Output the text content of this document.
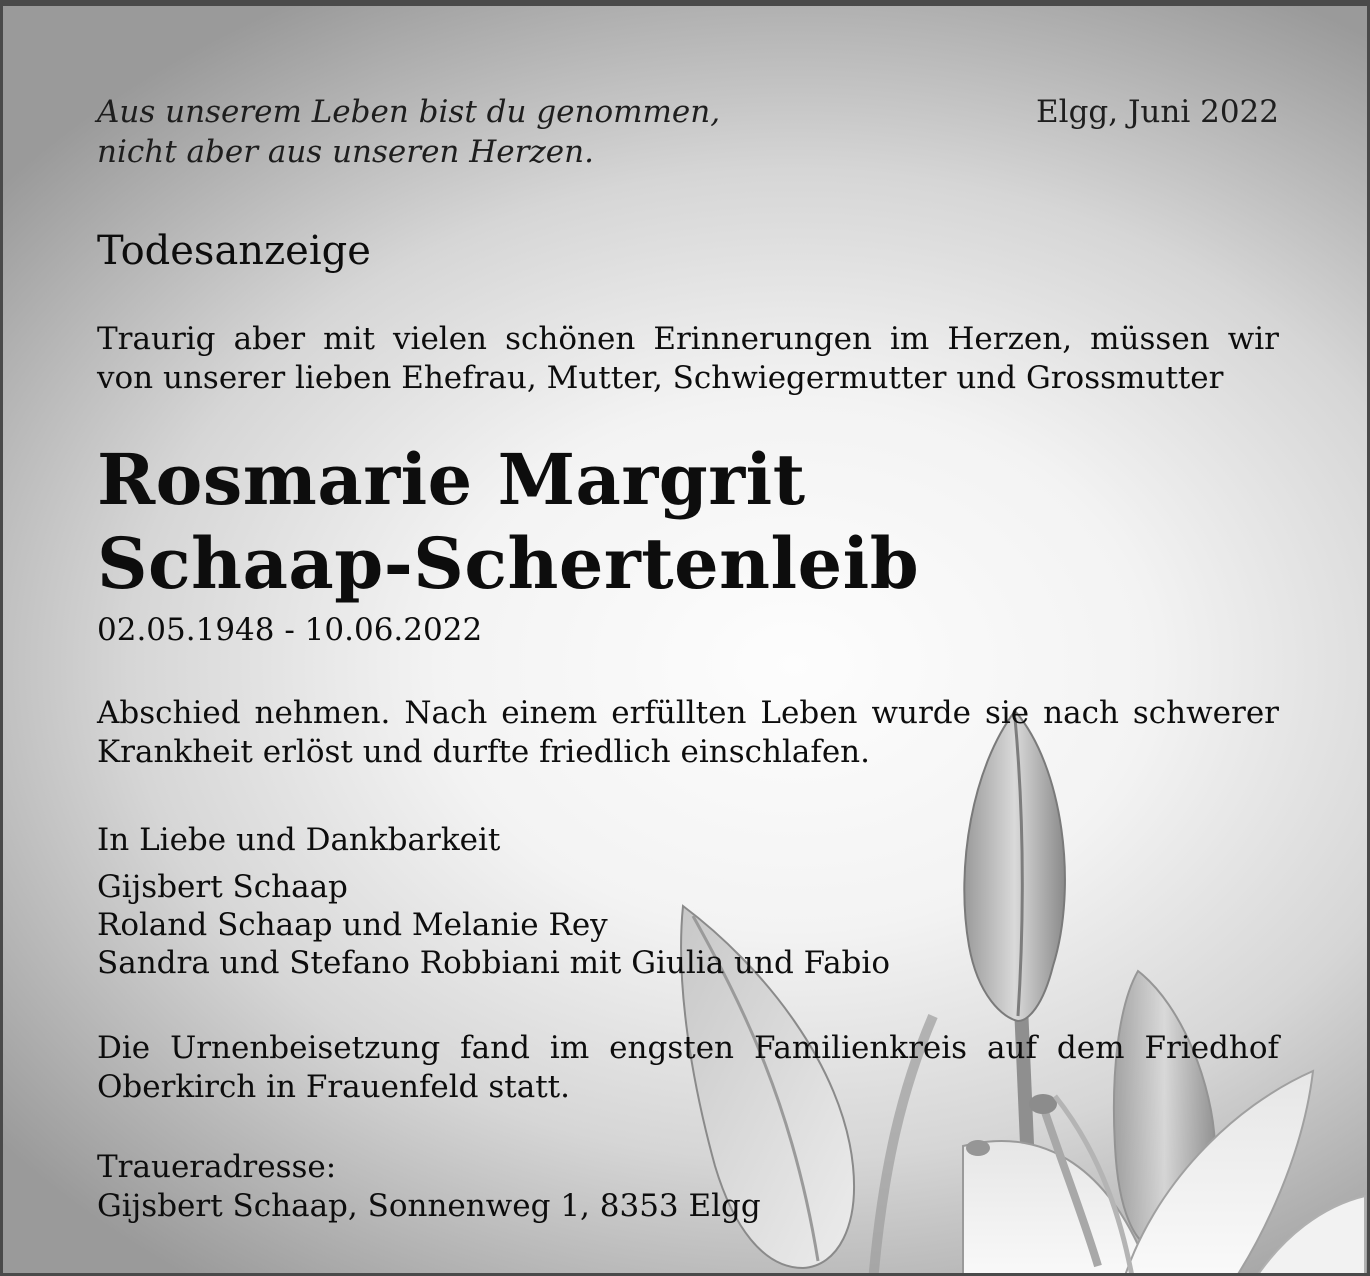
Aus unserem Leben bist du genommen,
nicht aber aus unseren Herzen.
Elgg, Juni 2022
Todesanzeige
Traurig aber mit vielen schönen Erinnerungen im Herzen, müssen wir
von unserer lieben Ehefrau, Mutter, Schwiegermutter und Grossmutter
Rosmarie Margrit
Schaap-Schertenleib
02.05.1948 - 10.06.2022
Abschied nehmen. Nach einem erfüllten Leben wurde sie nach schwerer
Krankheit erlöst und durfte friedlich einschlafen.
In Liebe und Dankbarkeit
Gijsbert Schaap
Roland Schaap und Melanie Rey
Sandra und Stefano Robbiani mit Giulia und Fabio
Die Urnenbeisetzung fand im engsten Familienkreis auf dem Friedhof
Oberkirch in Frauenfeld statt.
Traueradresse:
Gijsbert Schaap, Sonnenweg 1, 8353 Elgg
